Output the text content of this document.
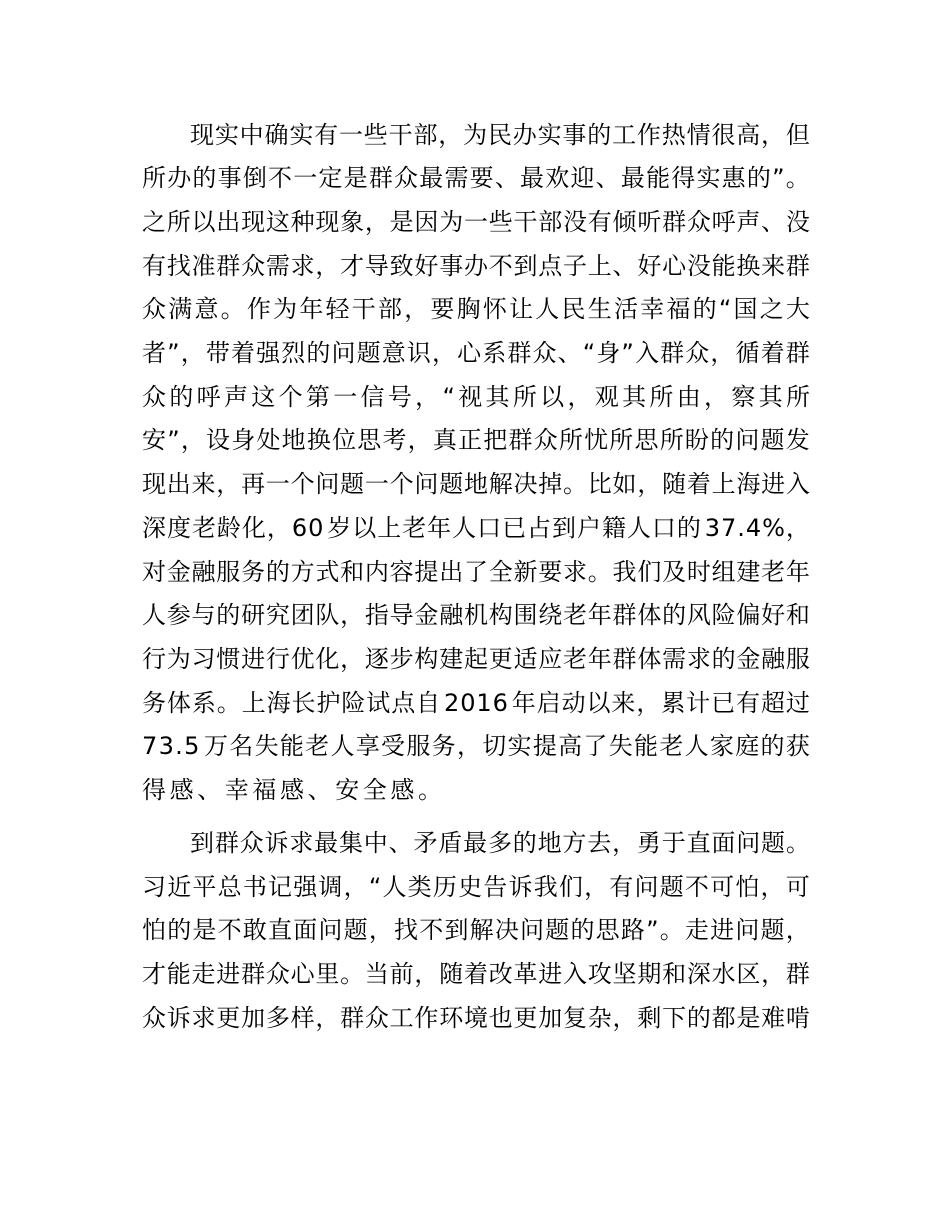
现 实 中 确 实 有 一 些 干 部 ， 为 民 办 实 事 的 工 作 热 情 很 高 ， 但
所 办 的 事 倒 不 一 定 是 群 众 最 需 要 、 最 欢 迎 、 最 能 得 实 惠 的 ” 。
之 所 以 出 现 这 种 现 象 ， 是 因 为 一 些 干 部 没 有 倾 听 群 众 呼 声 、 没
有 找 准 群 众 需 求 ， 才 导 致 好 事 办 不 到 点 子 上 、 好 心 没 能 换 来 群
众 满 意 。 作 为 年 轻 干 部 ， 要 胸 怀 让 人 民 生 活 幸 福 的 “ 国 之 大
者 ” ， 带 着 强 烈 的 问 题 意 识 ， 心 系 群 众 、 “ 身 ” 入 群 众 ， 循 着 群
众 的 呼 声 这 个 第 一 信 号 ， “ 视 其 所 以 ， 观 其 所 由 ， 察 其 所
安 ” ， 设 身 处 地 换 位 思 考 ， 真 正 把 群 众 所 忧 所 思 所 盼 的 问 题 发
现 出 来 ， 再 一 个 问 题 一 个 问 题 地 解 决 掉 。 比 如 ， 随 着 上 海 进 入
深 度 老 龄 化 ， 6 0
岁 以 上 老 年 人 口 已 占 到 户 籍 人 口 的
3 7 . 4 % ，
对 金 融 服 务 的 方 式 和 内 容 提 出 了 全 新 要 求 。 我 们 及 时 组 建 老 年
人 参 与 的 研 究 团 队 ， 指 导 金 融 机 构 围 绕 老 年 群 体 的 风 险 偏 好 和
行 为 习 惯 进 行 优 化 ， 逐 步 构 建 起 更 适 应 老 年 群 体 需 求 的 金 融 服
务 体 系 。 上 海 长 护 险 试 点 自
2 0 1 6
年 启 动 以 来 ， 累 计 已 有 超 过
7 3 . 5
万 名 失 能 老 人 享 受 服 务 ， 切 实 提 高 了 失 能 老 人 家 庭 的 获
得感、幸福感、安全感。
到 群 众 诉 求 最 集 中 、 矛 盾 最 多 的 地 方 去 ， 勇 于 直 面 问 题 。
习 近 平 总 书 记 强 调 ， “ 人 类 历 史 告 诉 我 们 ， 有 问 题 不 可 怕 ， 可
怕 的 是 不 敢 直 面 问 题 ， 找 不 到 解 决 问 题 的 思 路 ” 。 走 进 问 题 ，
才 能 走 进 群 众 心 里 。 当 前 ， 随 着 改 革 进 入 攻 坚 期 和 深 水 区 ， 群
众 诉 求 更 加 多 样 ， 群 众 工 作 环 境 也 更 加 复 杂 ， 剩 下 的 都 是 难 啃
